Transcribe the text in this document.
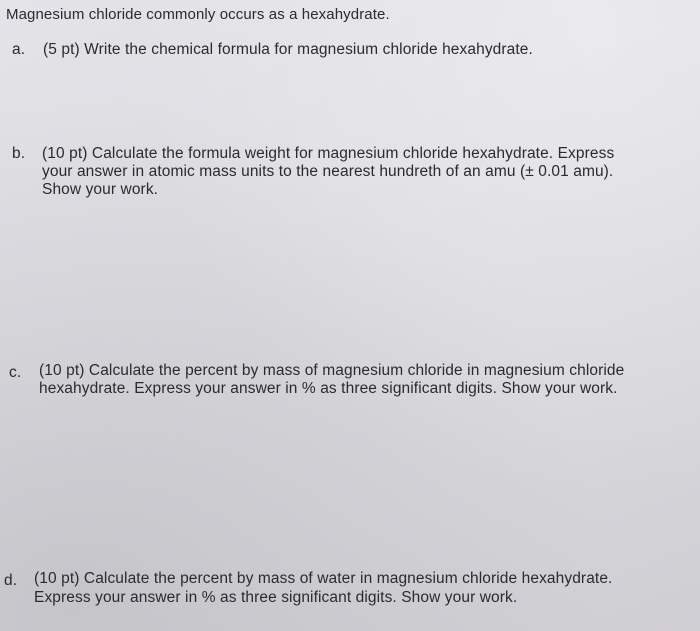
Magnesium chloride commonly occurs as a hexahydrate.
a. (5 pt) Write the chemical formula for magnesium chloride hexahydrate.
b. (10 pt) Calculate the formula weight for magnesium chloride hexahydrate. Express
your answer in atomic mass units to the nearest hundreth of an amu (± 0.01 amu).
Show your work.
c. (10 pt) Calculate the percent by mass of magnesium chloride in magnesium chloride
hexahydrate. Express your answer in % as three significant digits. Show your work.
d. (10 pt) Calculate the percent by mass of water in magnesium chloride hexahydrate.
Express your answer in % as three significant digits. Show your work.
